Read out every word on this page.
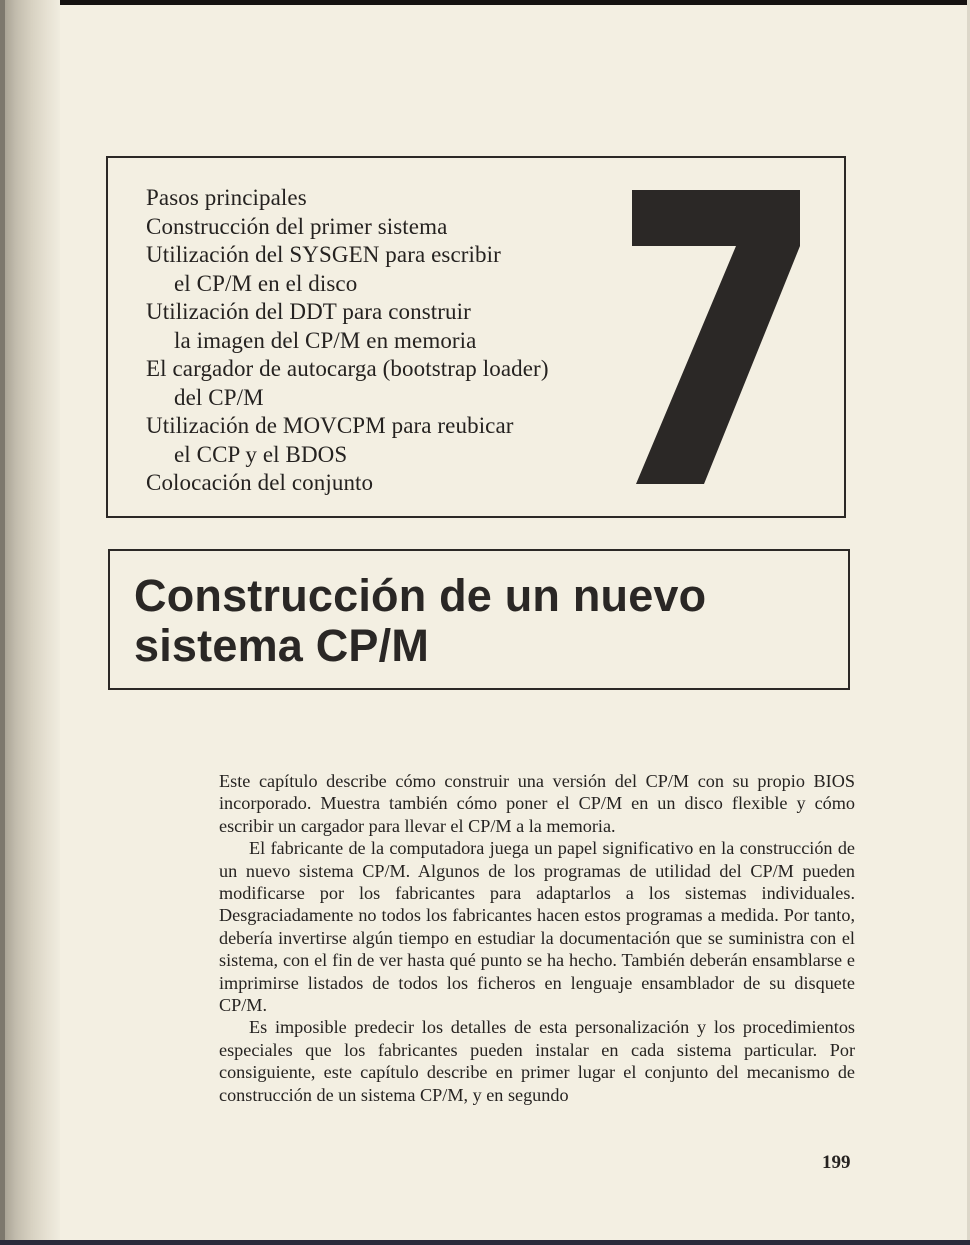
Pasos principales
Construcción del primer sistema
Utilización del SYSGEN para escribir
el CP/M en el disco
Utilización del DDT para construir
la imagen del CP/M en memoria
El cargador de autocarga (bootstrap loader)
del CP/M
Utilización de MOVCPM para reubicar
el CCP y el BDOS
Colocación del conjunto
Construcción de un nuevo
sistema CP/M

Este capítulo describe cómo construir una versión del CP/M con su propio BIOS incorporado. Muestra también cómo poner el CP/M en un disco flexible y cómo escribir un cargador para llevar el CP/M a la memoria.

El fabricante de la computadora juega un papel significativo en la construcción de un nuevo sistema CP/M. Algunos de los programas de utilidad del CP/M pueden modificarse por los fabricantes para adaptarlos a los sistemas individuales. Desgraciadamente no todos los fabricantes hacen estos programas a medida. Por tanto, debería invertirse algún tiempo en estudiar la documentación que se suministra con el sistema, con el fin de ver hasta qué punto se ha hecho. También deberán ensamblarse e imprimirse listados de todos los ficheros en lenguaje ensamblador de su disquete CP/M.

Es imposible predecir los detalles de esta personalización y los procedimientos especiales que los fabricantes pueden instalar en cada sistema particular. Por consiguiente, este capítulo describe en primer lugar el conjunto del mecanismo de construcción de un sistema CP/M, y en segundo

199
